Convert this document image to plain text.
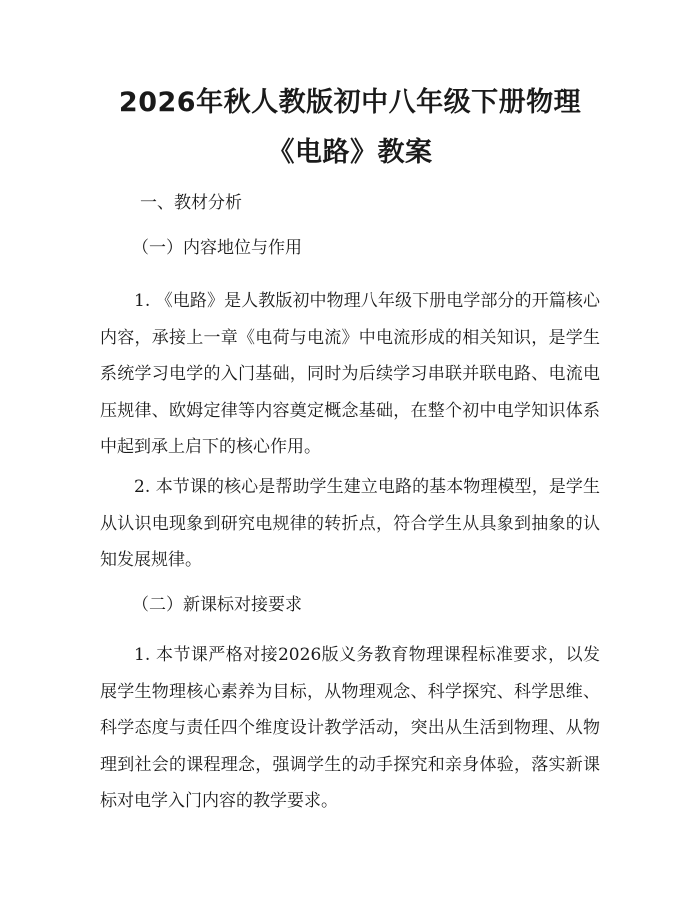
2026年秋人教版初中八年级下册物理《电路》教案

一、教材分析

（一）内容地位与作用

1. 《电路》是人教版初中物理八年级下册电学部分的开篇核心内容，承接上一章《电荷与电流》中电流形成的相关知识，是学生系统学习电学的入门基础，同时为后续学习串联并联电路、电流电压规律、欧姆定律等内容奠定概念基础，在整个初中电学知识体系中起到承上启下的核心作用。

2. 本节课的核心是帮助学生建立电路的基本物理模型，是学生从认识电现象到研究电规律的转折点，符合学生从具象到抽象的认知发展规律。

（二）新课标对接要求

1. 本节课严格对接2026版义务教育物理课程标准要求，以发展学生物理核心素养为目标，从物理观念、科学探究、科学思维、科学态度与责任四个维度设计教学活动，突出从生活到物理、从物理到社会的课程理念，强调学生的动手探究和亲身体验，落实新课标对电学入门内容的教学要求。
